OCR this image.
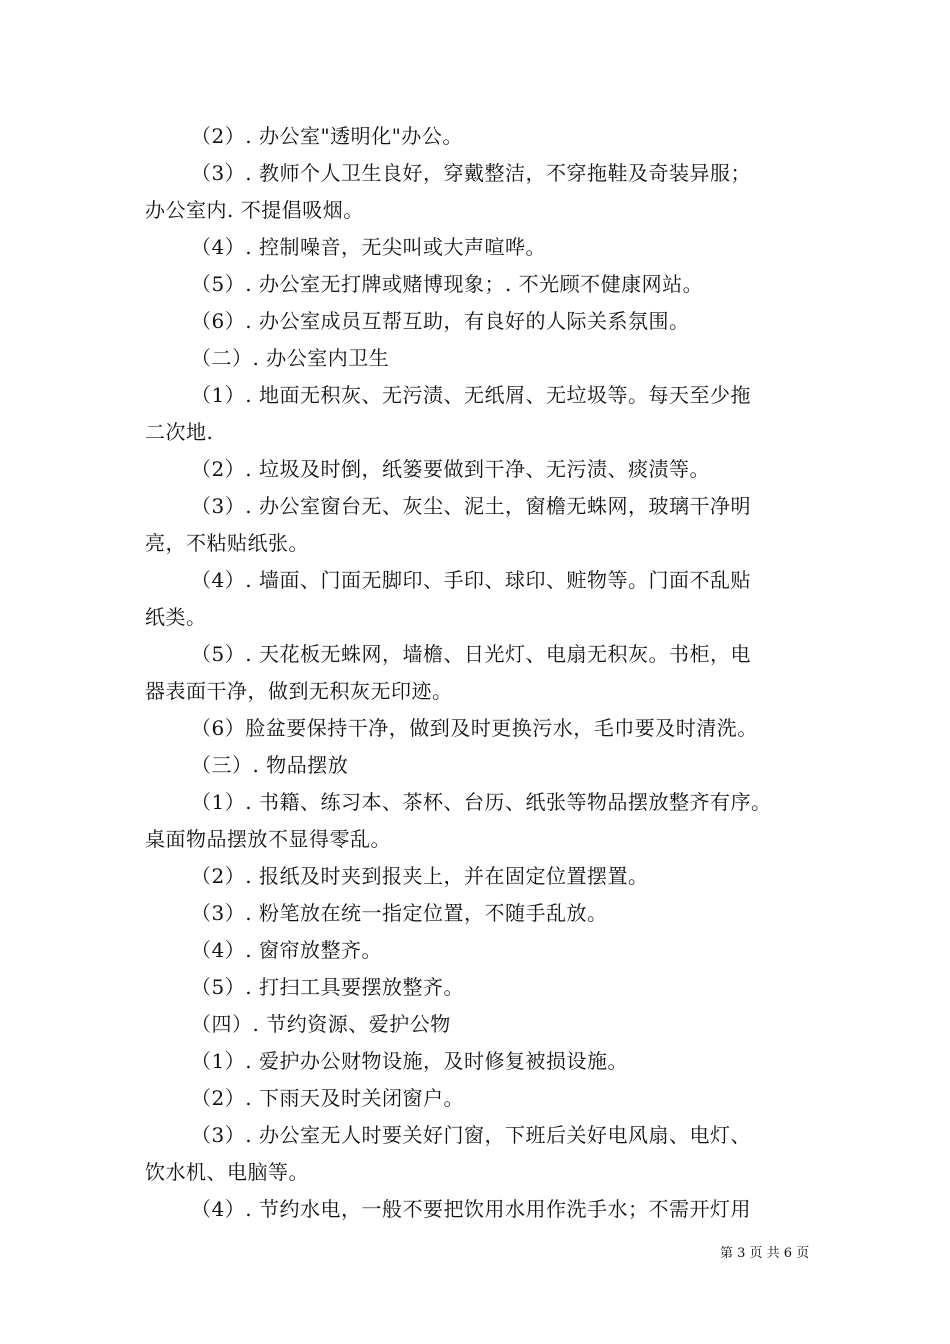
（2）. 办公室"透明化"办公。
（3）. 教师个人卫生良好，穿戴整洁，不穿拖鞋及奇装异服；
办公室内. 不提倡吸烟。
（4）. 控制噪音，无尖叫或大声喧哗。
（5）. 办公室无打牌或赌博现象；. 不光顾不健康网站。
（6）. 办公室成员互帮互助，有良好的人际关系氛围。
（二）. 办公室内卫生
（1）. 地面无积灰、无污渍、无纸屑、无垃圾等。每天至少拖
二次地.
（2）. 垃圾及时倒，纸篓要做到干净、无污渍、痰渍等。
（3）. 办公室窗台无、灰尘、泥土，窗檐无蛛网，玻璃干净明
亮，不粘贴纸张。
（4）. 墙面、门面无脚印、手印、球印、赃物等。门面不乱贴
纸类。
（5）. 天花板无蛛网，墙檐、日光灯、电扇无积灰。书柜，电
器表面干净，做到无积灰无印迹。
（6）脸盆要保持干净，做到及时更换污水，毛巾要及时清洗。
（三）. 物品摆放
（1）. 书籍、练习本、茶杯、台历、纸张等物品摆放整齐有序。
桌面物品摆放不显得零乱。
（2）. 报纸及时夹到报夹上，并在固定位置摆置。
（3）. 粉笔放在统一指定位置，不随手乱放。
（4）. 窗帘放整齐。
（5）. 打扫工具要摆放整齐。
（四）. 节约资源、爱护公物
（1）. 爱护办公财物设施，及时修复被损设施。
（2）. 下雨天及时关闭窗户。
（3）. 办公室无人时要关好门窗，下班后关好电风扇、电灯、
饮水机、电脑等。
（4）. 节约水电，一般不要把饮用水用作洗手水；不需开灯用
第 3 页 共 6 页
